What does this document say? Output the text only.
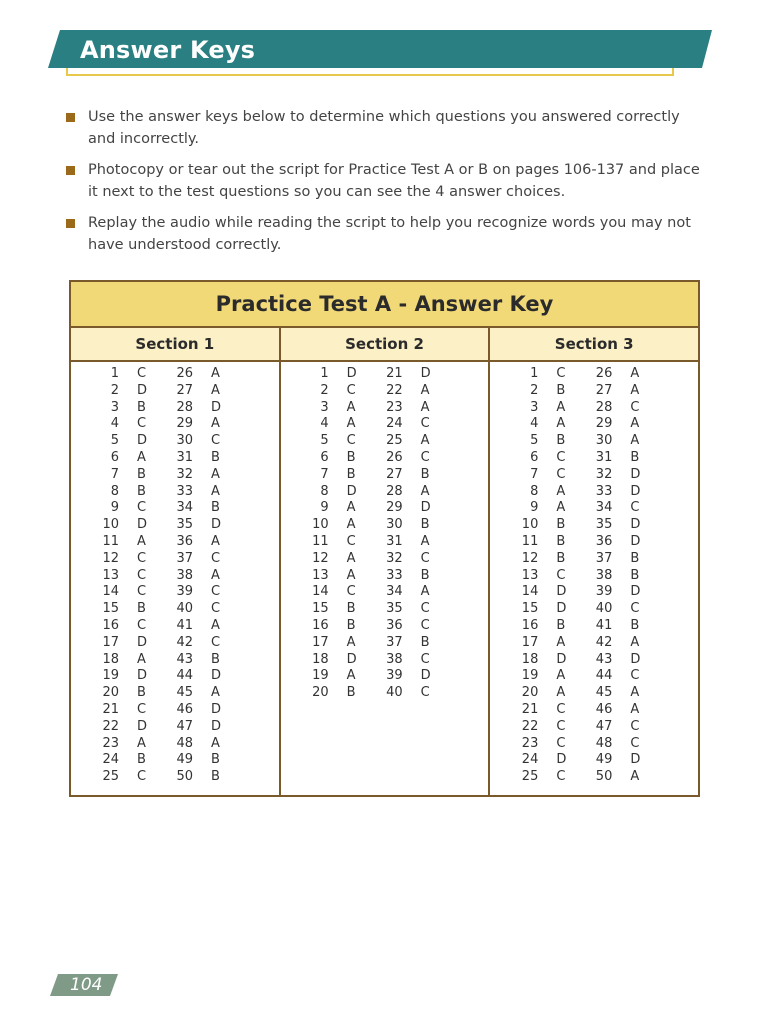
Answer Keys
Use the answer keys below to determine which questions you answered correctly and incorrectly.
Photocopy or tear out the script for Practice Test A or B on pages 106-137 and place it next to the test questions so you can see the 4 answer choices.
Replay the audio while reading the script to help you recognize words you may not have understood correctly.
Practice Test A - Answer Key
Section 1	Section 2	Section 3
1	C	26	A
2	D	27	A
3	B	28	D
4	C	29	A
5	D	30	C
6	A	31	B
7	B	32	A
8	B	33	A
9	C	34	B
10	D	35	D
11	A	36	A
12	C	37	C
13	C	38	A
14	C	39	C
15	B	40	C
16	C	41	A
17	D	42	C
18	A	43	B
19	D	44	D
20	B	45	A
21	C	46	D
22	D	47	D
23	A	48	A
24	B	49	B
25	C	50	B
1	D	21	D
2	C	22	A
3	A	23	A
4	A	24	C
5	C	25	A
6	B	26	C
7	B	27	B
8	D	28	A
9	A	29	D
10	A	30	B
11	C	31	A
12	A	32	C
13	A	33	B
14	C	34	A
15	B	35	C
16	B	36	C
17	A	37	B
18	D	38	C
19	A	39	D
20	B	40	C
1	C	26	A
2	B	27	A
3	A	28	C
4	A	29	A
5	B	30	A
6	C	31	B
7	C	32	D
8	A	33	D
9	A	34	C
10	B	35	D
11	B	36	D
12	B	37	B
13	C	38	B
14	D	39	D
15	D	40	C
16	B	41	B
17	A	42	A
18	D	43	D
19	A	44	C
20	A	45	A
21	C	46	A
22	C	47	C
23	C	48	C
24	D	49	D
25	C	50	A
104
